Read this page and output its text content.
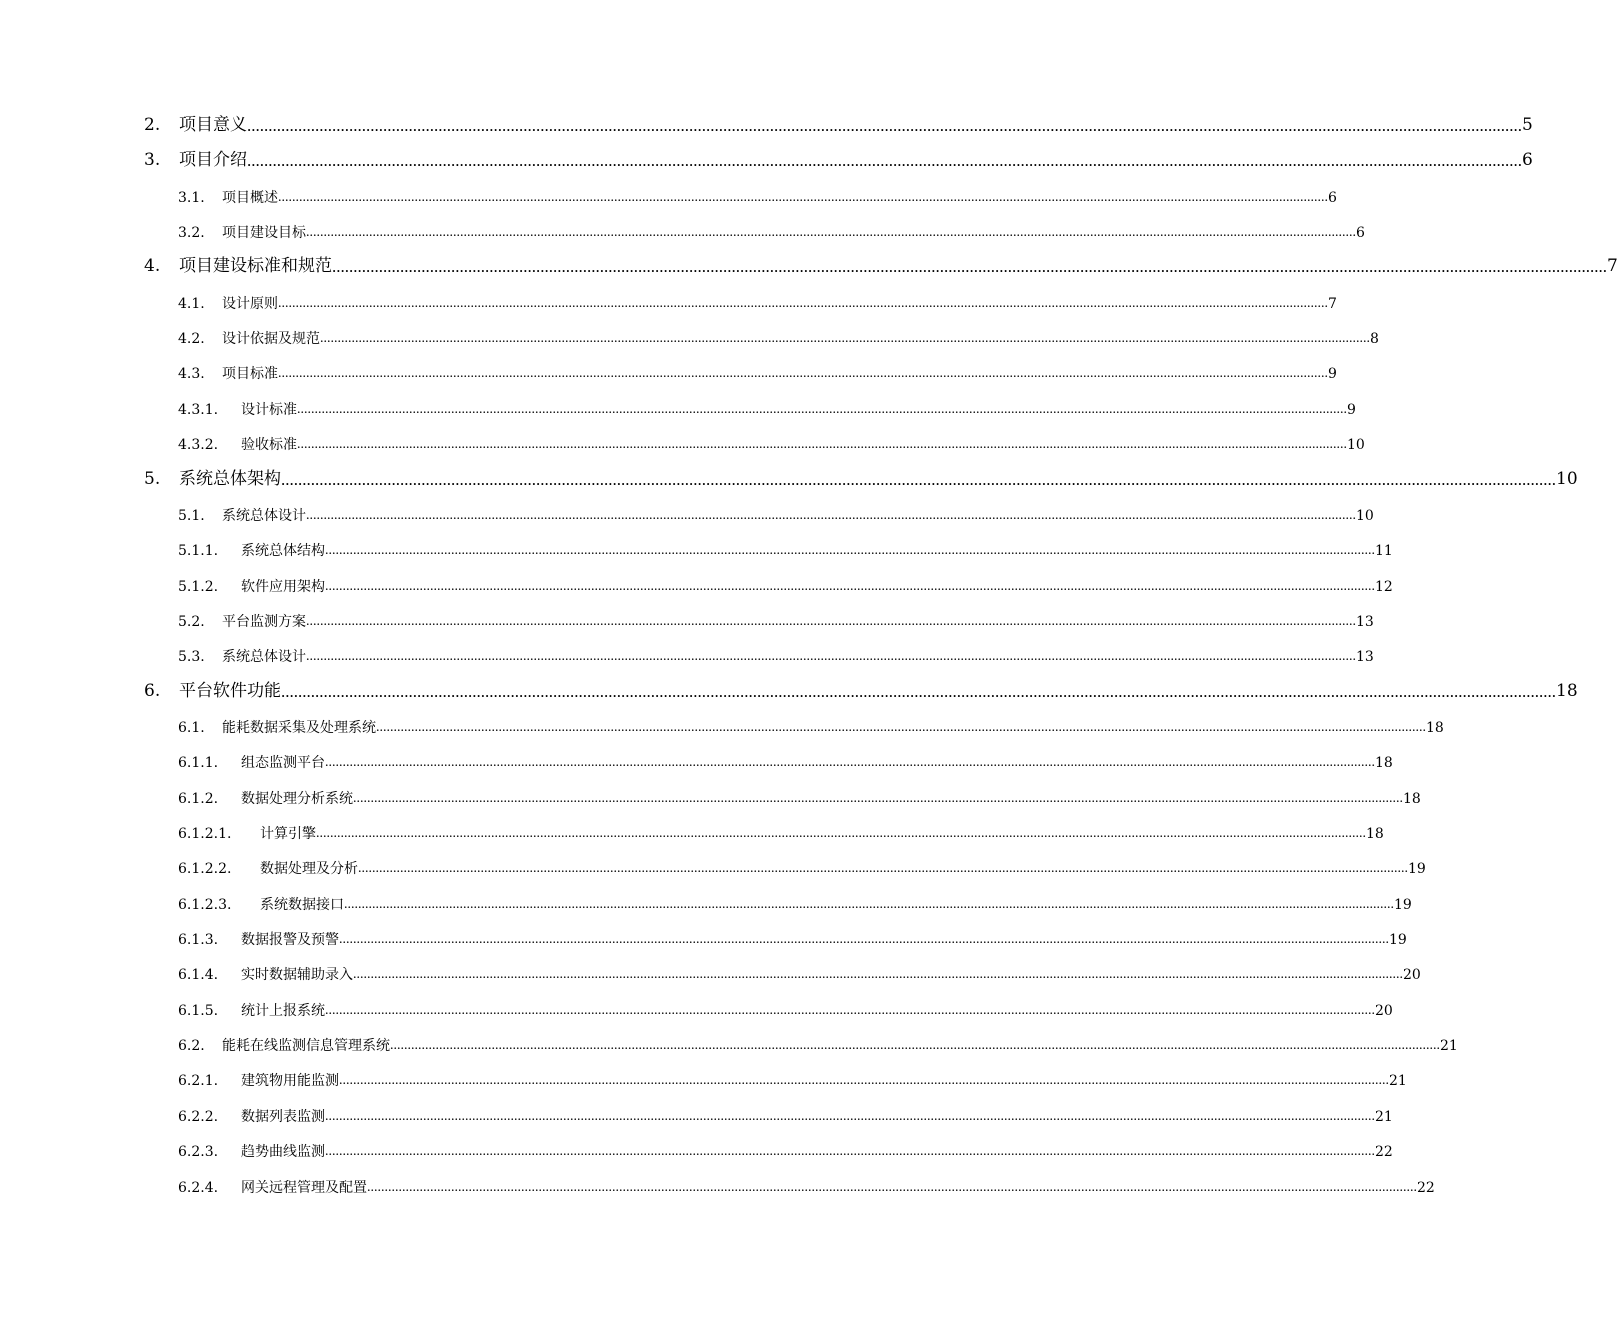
2. 项目意义 ............................................................................................................................................................................................................................................................................................................ 5
3. 项目介绍 ............................................................................................................................................................................................................................................................................................................ 6
3.1. 项目概述 ............................................................................................................................................................................................................................................................................................................ 6
3.2. 项目建设目标 ............................................................................................................................................................................................................................................................................................................ 6
4. 项目建设标准和规范 ............................................................................................................................................................................................................................................................................................................ 7
4.1. 设计原则 ............................................................................................................................................................................................................................................................................................................ 7
4.2. 设计依据及规范 ............................................................................................................................................................................................................................................................................................................ 8
4.3. 项目标准 ............................................................................................................................................................................................................................................................................................................ 9
4.3.1. 设计标准 ............................................................................................................................................................................................................................................................................................................ 9
4.3.2. 验收标准 ............................................................................................................................................................................................................................................................................................................ 10
5. 系统总体架构 ............................................................................................................................................................................................................................................................................................................ 10
5.1. 系统总体设计 ............................................................................................................................................................................................................................................................................................................ 10
5.1.1. 系统总体结构 ............................................................................................................................................................................................................................................................................................................ 11
5.1.2. 软件应用架构 ............................................................................................................................................................................................................................................................................................................ 12
5.2. 平台监测方案 ............................................................................................................................................................................................................................................................................................................ 13
5.3. 系统总体设计 ............................................................................................................................................................................................................................................................................................................ 13
6. 平台软件功能 ............................................................................................................................................................................................................................................................................................................ 18
6.1. 能耗数据采集及处理系统 ............................................................................................................................................................................................................................................................................................................ 18
6.1.1. 组态监测平台 ............................................................................................................................................................................................................................................................................................................ 18
6.1.2. 数据处理分析系统 ............................................................................................................................................................................................................................................................................................................ 18
6.1.2.1. 计算引擎 ............................................................................................................................................................................................................................................................................................................ 18
6.1.2.2. 数据处理及分析 ............................................................................................................................................................................................................................................................................................................ 19
6.1.2.3. 系统数据接口 ............................................................................................................................................................................................................................................................................................................ 19
6.1.3. 数据报警及预警 ............................................................................................................................................................................................................................................................................................................ 19
6.1.4. 实时数据辅助录入 ............................................................................................................................................................................................................................................................................................................ 20
6.1.5. 统计上报系统 ............................................................................................................................................................................................................................................................................................................ 20
6.2. 能耗在线监测信息管理系统 ............................................................................................................................................................................................................................................................................................................ 21
6.2.1. 建筑物用能监测 ............................................................................................................................................................................................................................................................................................................ 21
6.2.2. 数据列表监测 ............................................................................................................................................................................................................................................................................................................ 21
6.2.3. 趋势曲线监测 ............................................................................................................................................................................................................................................................................................................ 22
6.2.4. 网关远程管理及配置 ............................................................................................................................................................................................................................................................................................................ 22
